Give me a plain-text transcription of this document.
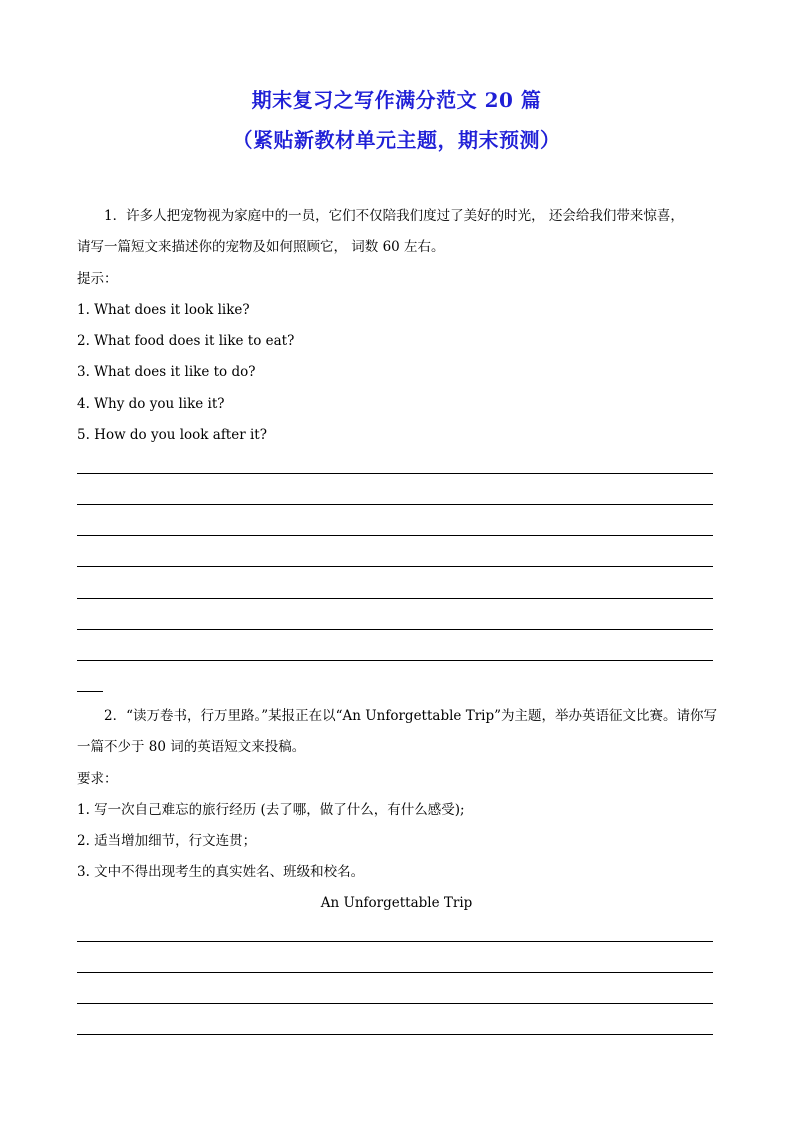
期末复习之写作满分范文 20 篇
（紧贴新教材单元主题，期末预测）
1．许多人把宠物视为家庭中的一员，它们不仅陪我们度过了美好的时光， 还会给我们带来惊喜，
请写一篇短文来描述你的宠物及如何照顾它， 词数 60 左右。
提示：
1. What does it look like?
2. What food does it like to eat?
3. What does it like to do?
4. Why do you like it?
5. How do you look after it?
2．“读万卷书，行万里路。”某报正在以“An Unforgettable Trip”为主题，举办英语征文比赛。请你写
一篇不少于 80 词的英语短文来投稿。
要求：
1. 写一次自己难忘的旅行经历 (去了哪，做了什么，有什么感受);
2. 适当增加细节，行文连贯；
3. 文中不得出现考生的真实姓名、班级和校名。
An Unforgettable Trip
